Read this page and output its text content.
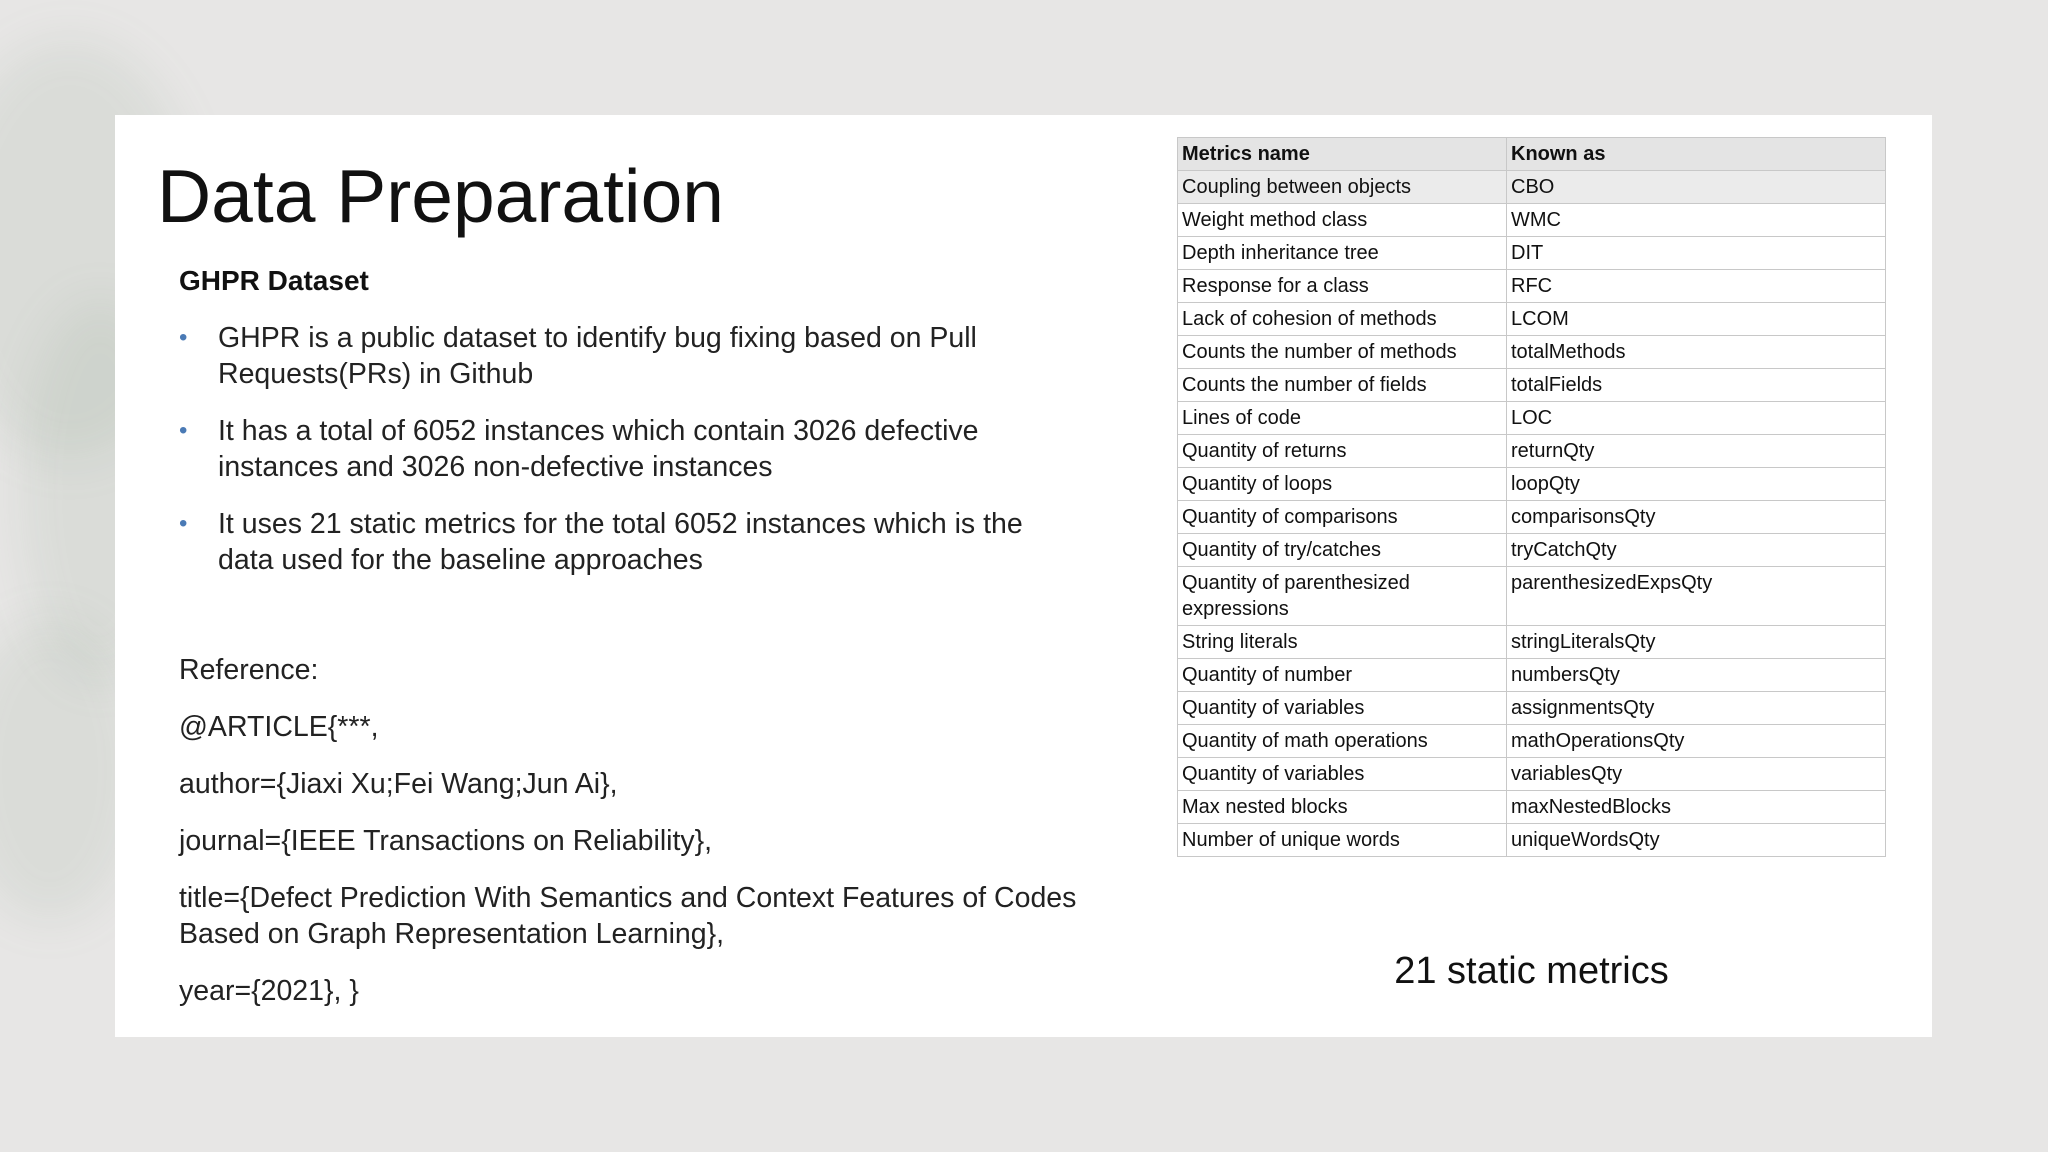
Data Preparation
GHPR Dataset
• GHPR is a public dataset to identify bug fixing based on Pull Requests(PRs) in Github
• It has a total of 6052 instances which contain 3026 defective instances and 3026 non-defective instances
• It uses 21 static metrics for the total 6052 instances which is the data used for the baseline approaches

Reference:

@ARTICLE{***,

author={Jiaxi Xu;Fei Wang;Jun Ai},

journal={IEEE Transactions on Reliability},

title={Defect Prediction With Semantics and Context Features of Codes Based on Graph Representation Learning},

year={2021}, }

Metrics name	Known as
Coupling between objects	CBO
Weight method class	WMC
Depth inheritance tree	DIT
Response for a class	RFC
Lack of cohesion of methods	LCOM
Counts the number of methods	totalMethods
Counts the number of fields	totalFields
Lines of code	LOC
Quantity of returns	returnQty
Quantity of loops	loopQty
Quantity of comparisons	comparisonsQty
Quantity of try/catches	tryCatchQty
Quantity of parenthesized expressions	parenthesizedExpsQty
String literals	stringLiteralsQty
Quantity of number	numbersQty
Quantity of variables	assignmentsQty
Quantity of math operations	mathOperationsQty
Quantity of variables	variablesQty
Max nested blocks	maxNestedBlocks
Number of unique words	uniqueWordsQty
21 static metrics
